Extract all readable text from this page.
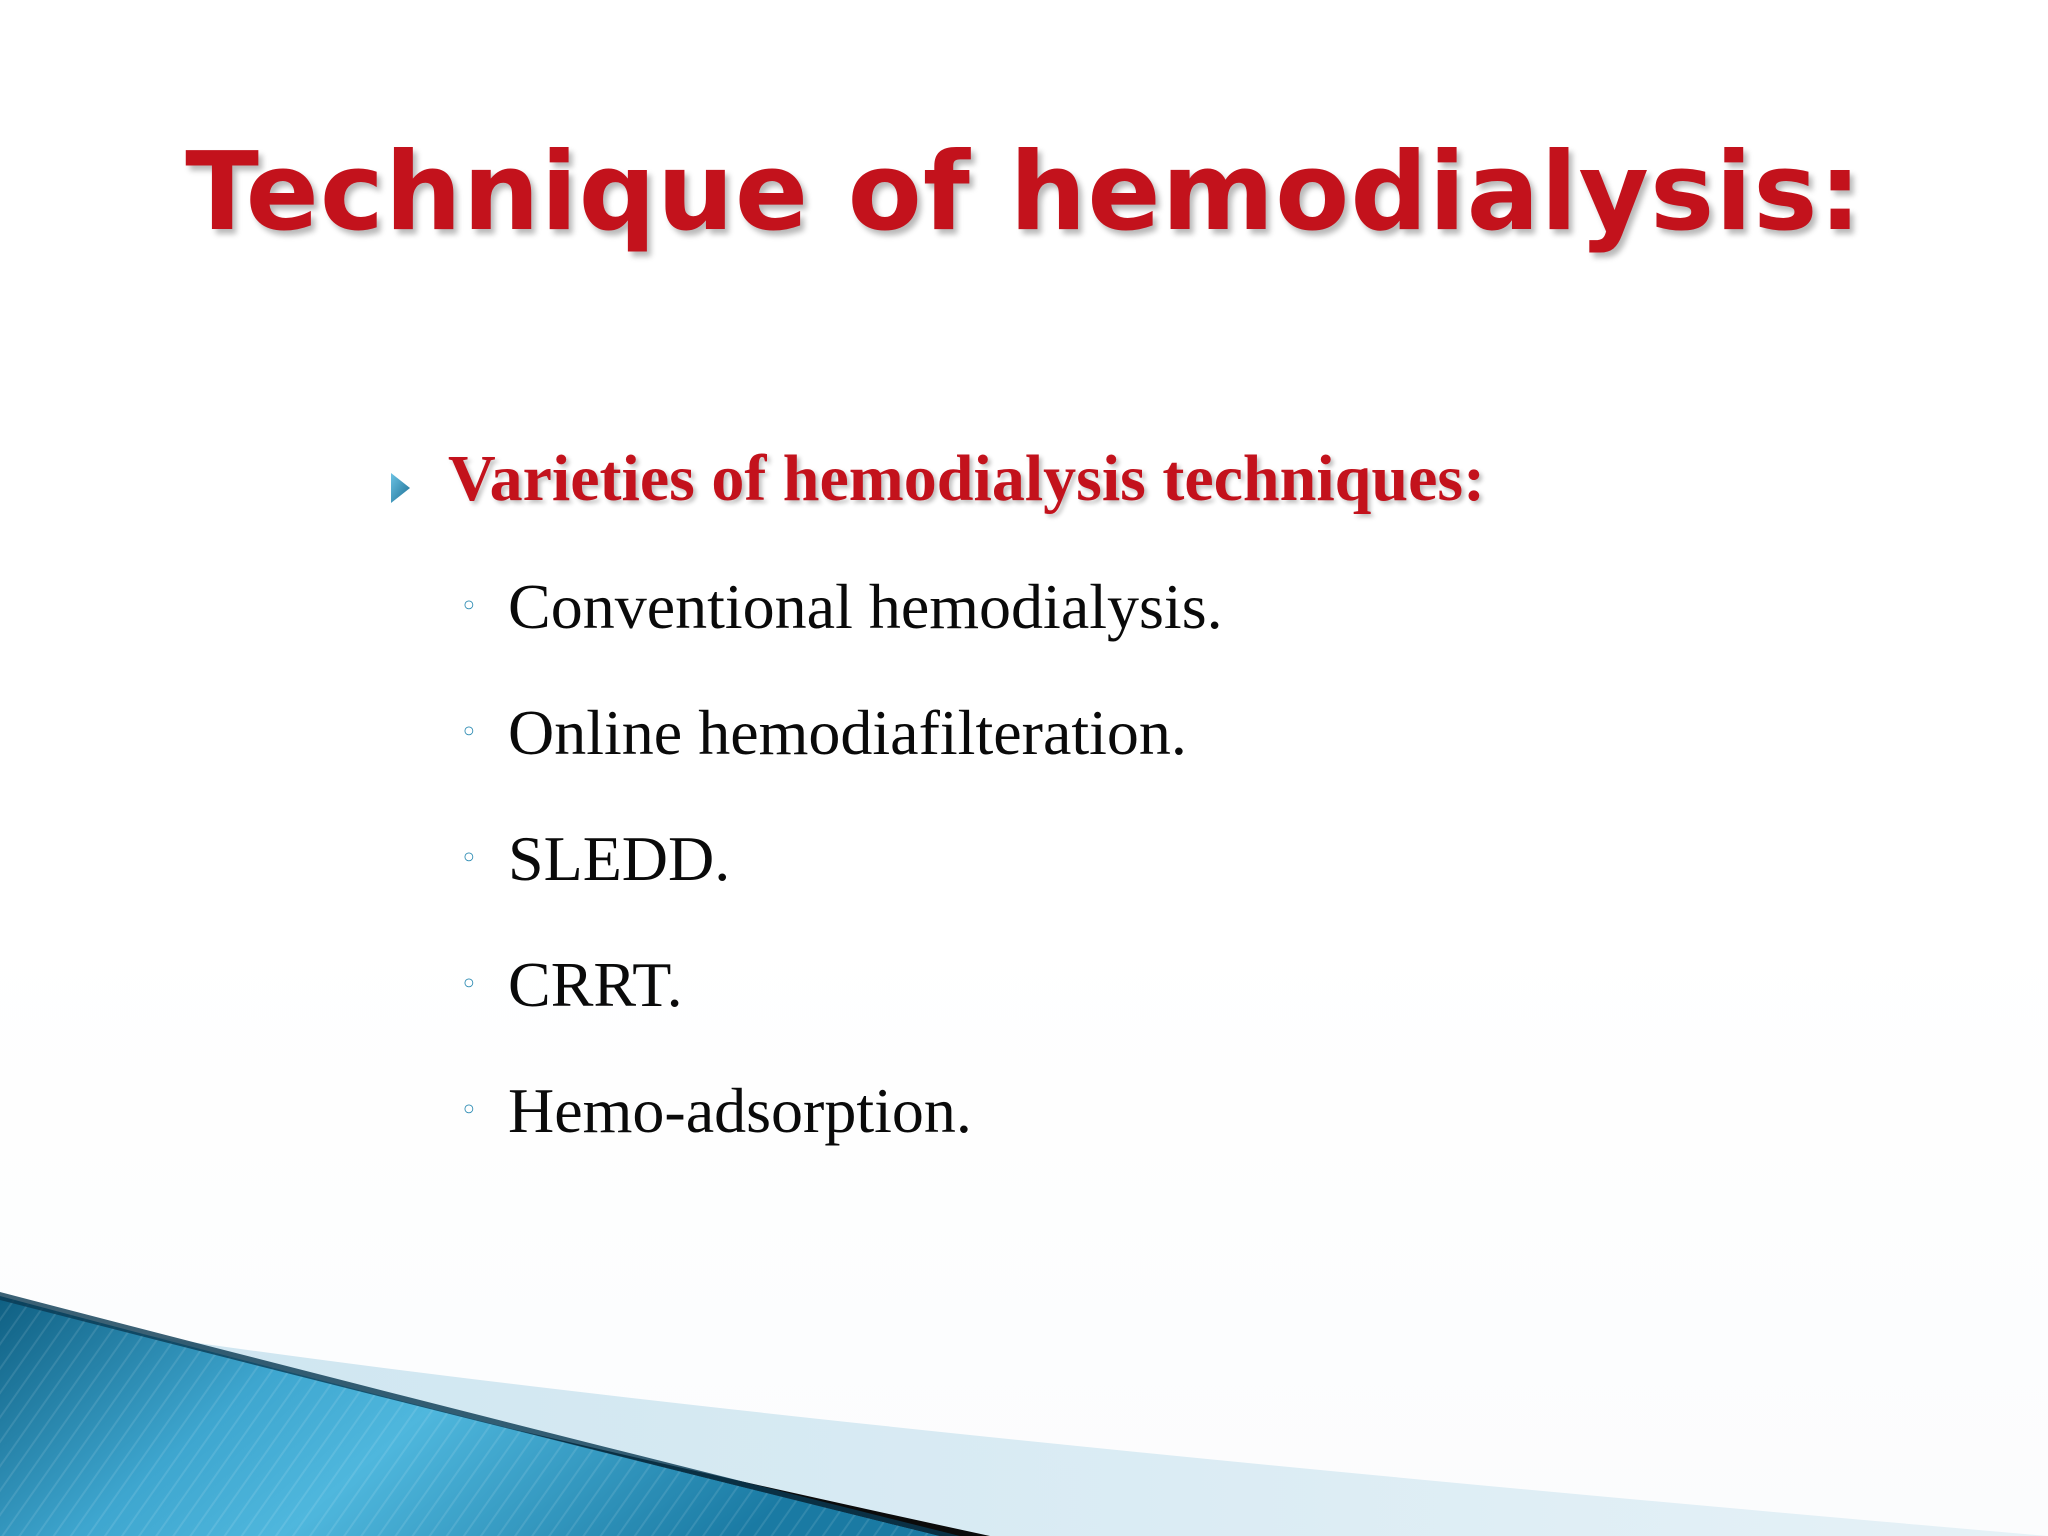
Technique of hemodialysis:
Varieties of hemodialysis techniques:
◦ Conventional hemodialysis.
◦ Online hemodiafilteration.
◦ SLEDD.
◦ CRRT.
◦ Hemo-adsorption.
